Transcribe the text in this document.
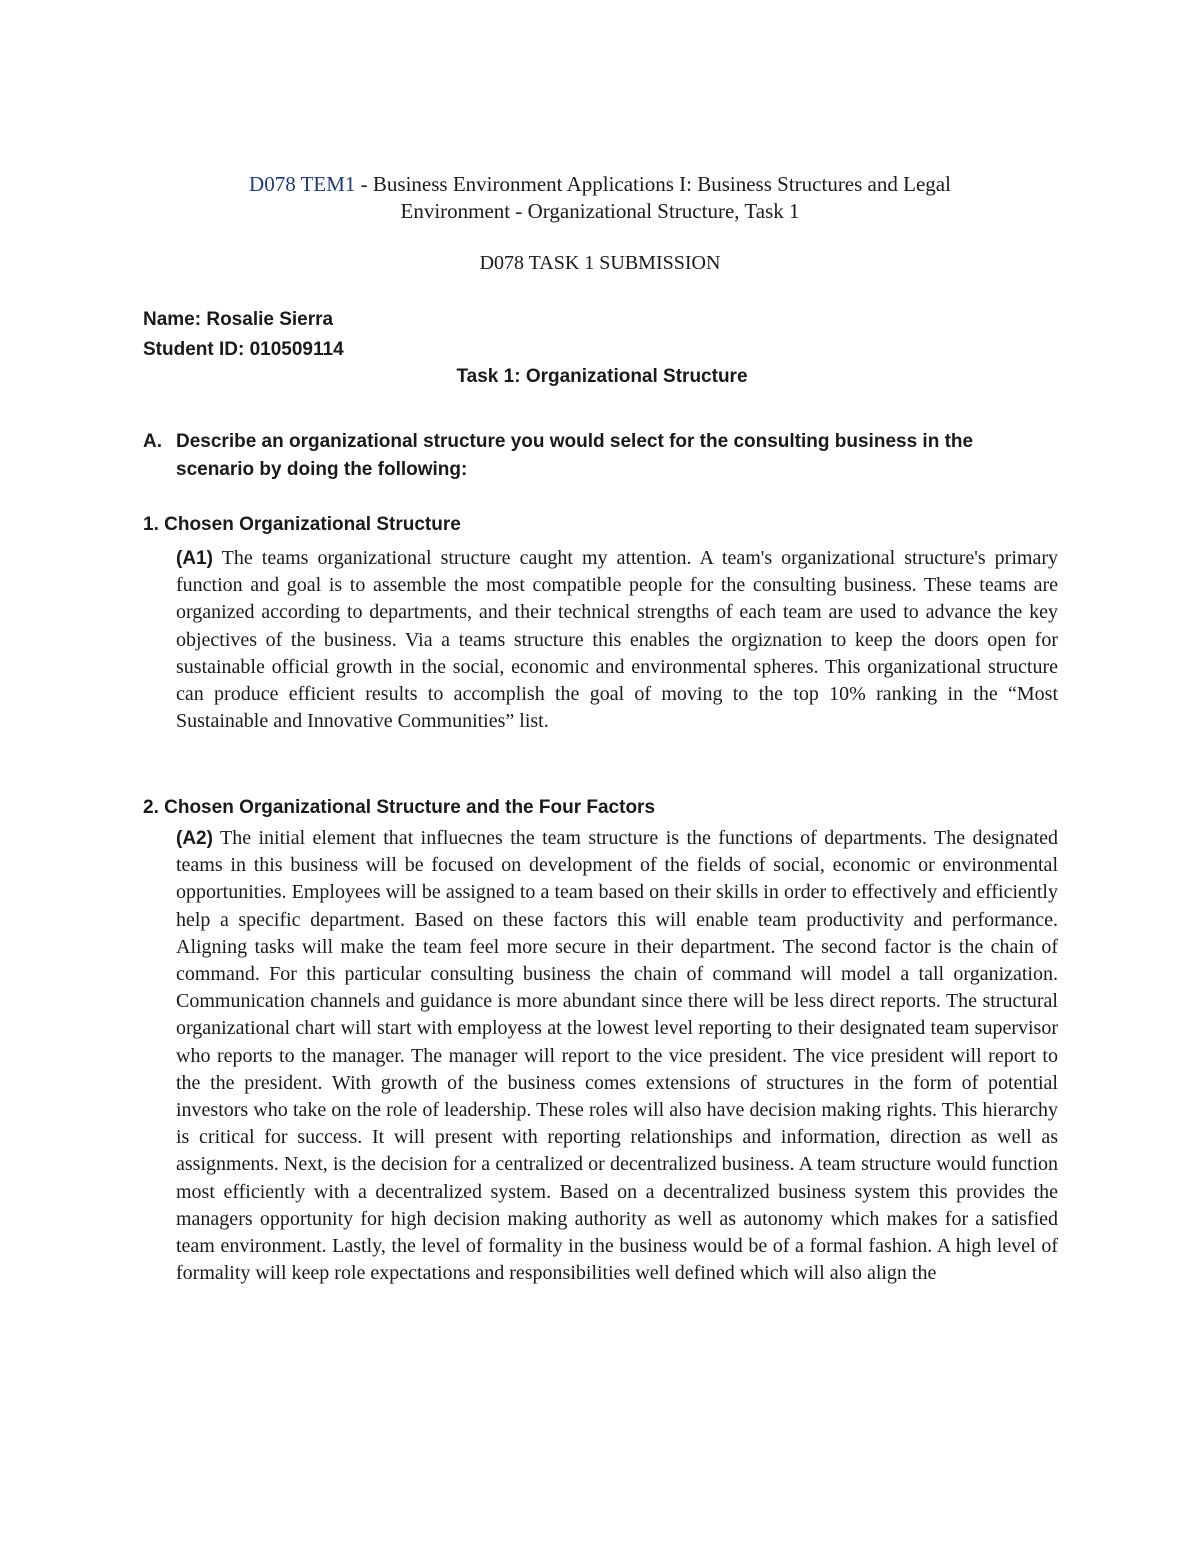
D078 TEM1 - Business Environment Applications I: Business Structures and Legal
Environment - Organizational Structure, Task 1
D078 TASK 1 SUBMISSION
Name: Rosalie Sierra
Student ID: 010509114
Task 1: Organizational Structure
A. Describe an organizational structure you would select for the consulting business in the scenario by doing the following:
1. Chosen Organizational Structure
(A1) The teams organizational structure caught my attention. A team's organizational structure's primary function and goal is to assemble the most compatible people for the consulting business. These teams are organized according to departments, and their technical strengths of each team are used to advance the key objectives of the business. Via a teams structure this enables the orgiznation to keep the doors open for sustainable official growth in the social, economic and environmental spheres. This organizational structure can produce efficient results to accomplish the goal of moving to the top 10% ranking in the “Most Sustainable and Innovative Communities” list.
2. Chosen Organizational Structure and the Four Factors
(A2) The initial element that influecnes the team structure is the functions of departments. The designated teams in this business will be focused on development of the fields of social, economic or environmental opportunities. Employees will be assigned to a team based on their skills in order to effectively and efficiently help a specific department. Based on these factors this will enable team productivity and performance. Aligning tasks will make the team feel more secure in their department. The second factor is the chain of command. For this particular consulting business the chain of command will model a tall organization. Communication channels and guidance is more abundant since there will be less direct reports. The structural organizational chart will start with employess at the lowest level reporting to their designated team supervisor who reports to the manager. The manager will report to the vice president. The vice president will report to the the president. With growth of the business comes extensions of structures in the form of potential investors who take on the role of leadership. These roles will also have decision making rights. This hierarchy is critical for success. It will present with reporting relationships and information, direction as well as assignments. Next, is the decision for a centralized or decentralized business. A team structure would function most efficiently with a decentralized system. Based on a decentralized business system this provides the managers opportunity for high decision making authority as well as autonomy which makes for a satisfied team environment. Lastly, the level of formality in the business would be of a formal fashion. A high level of formality will keep role expectations and responsibilities well defined which will also align the
